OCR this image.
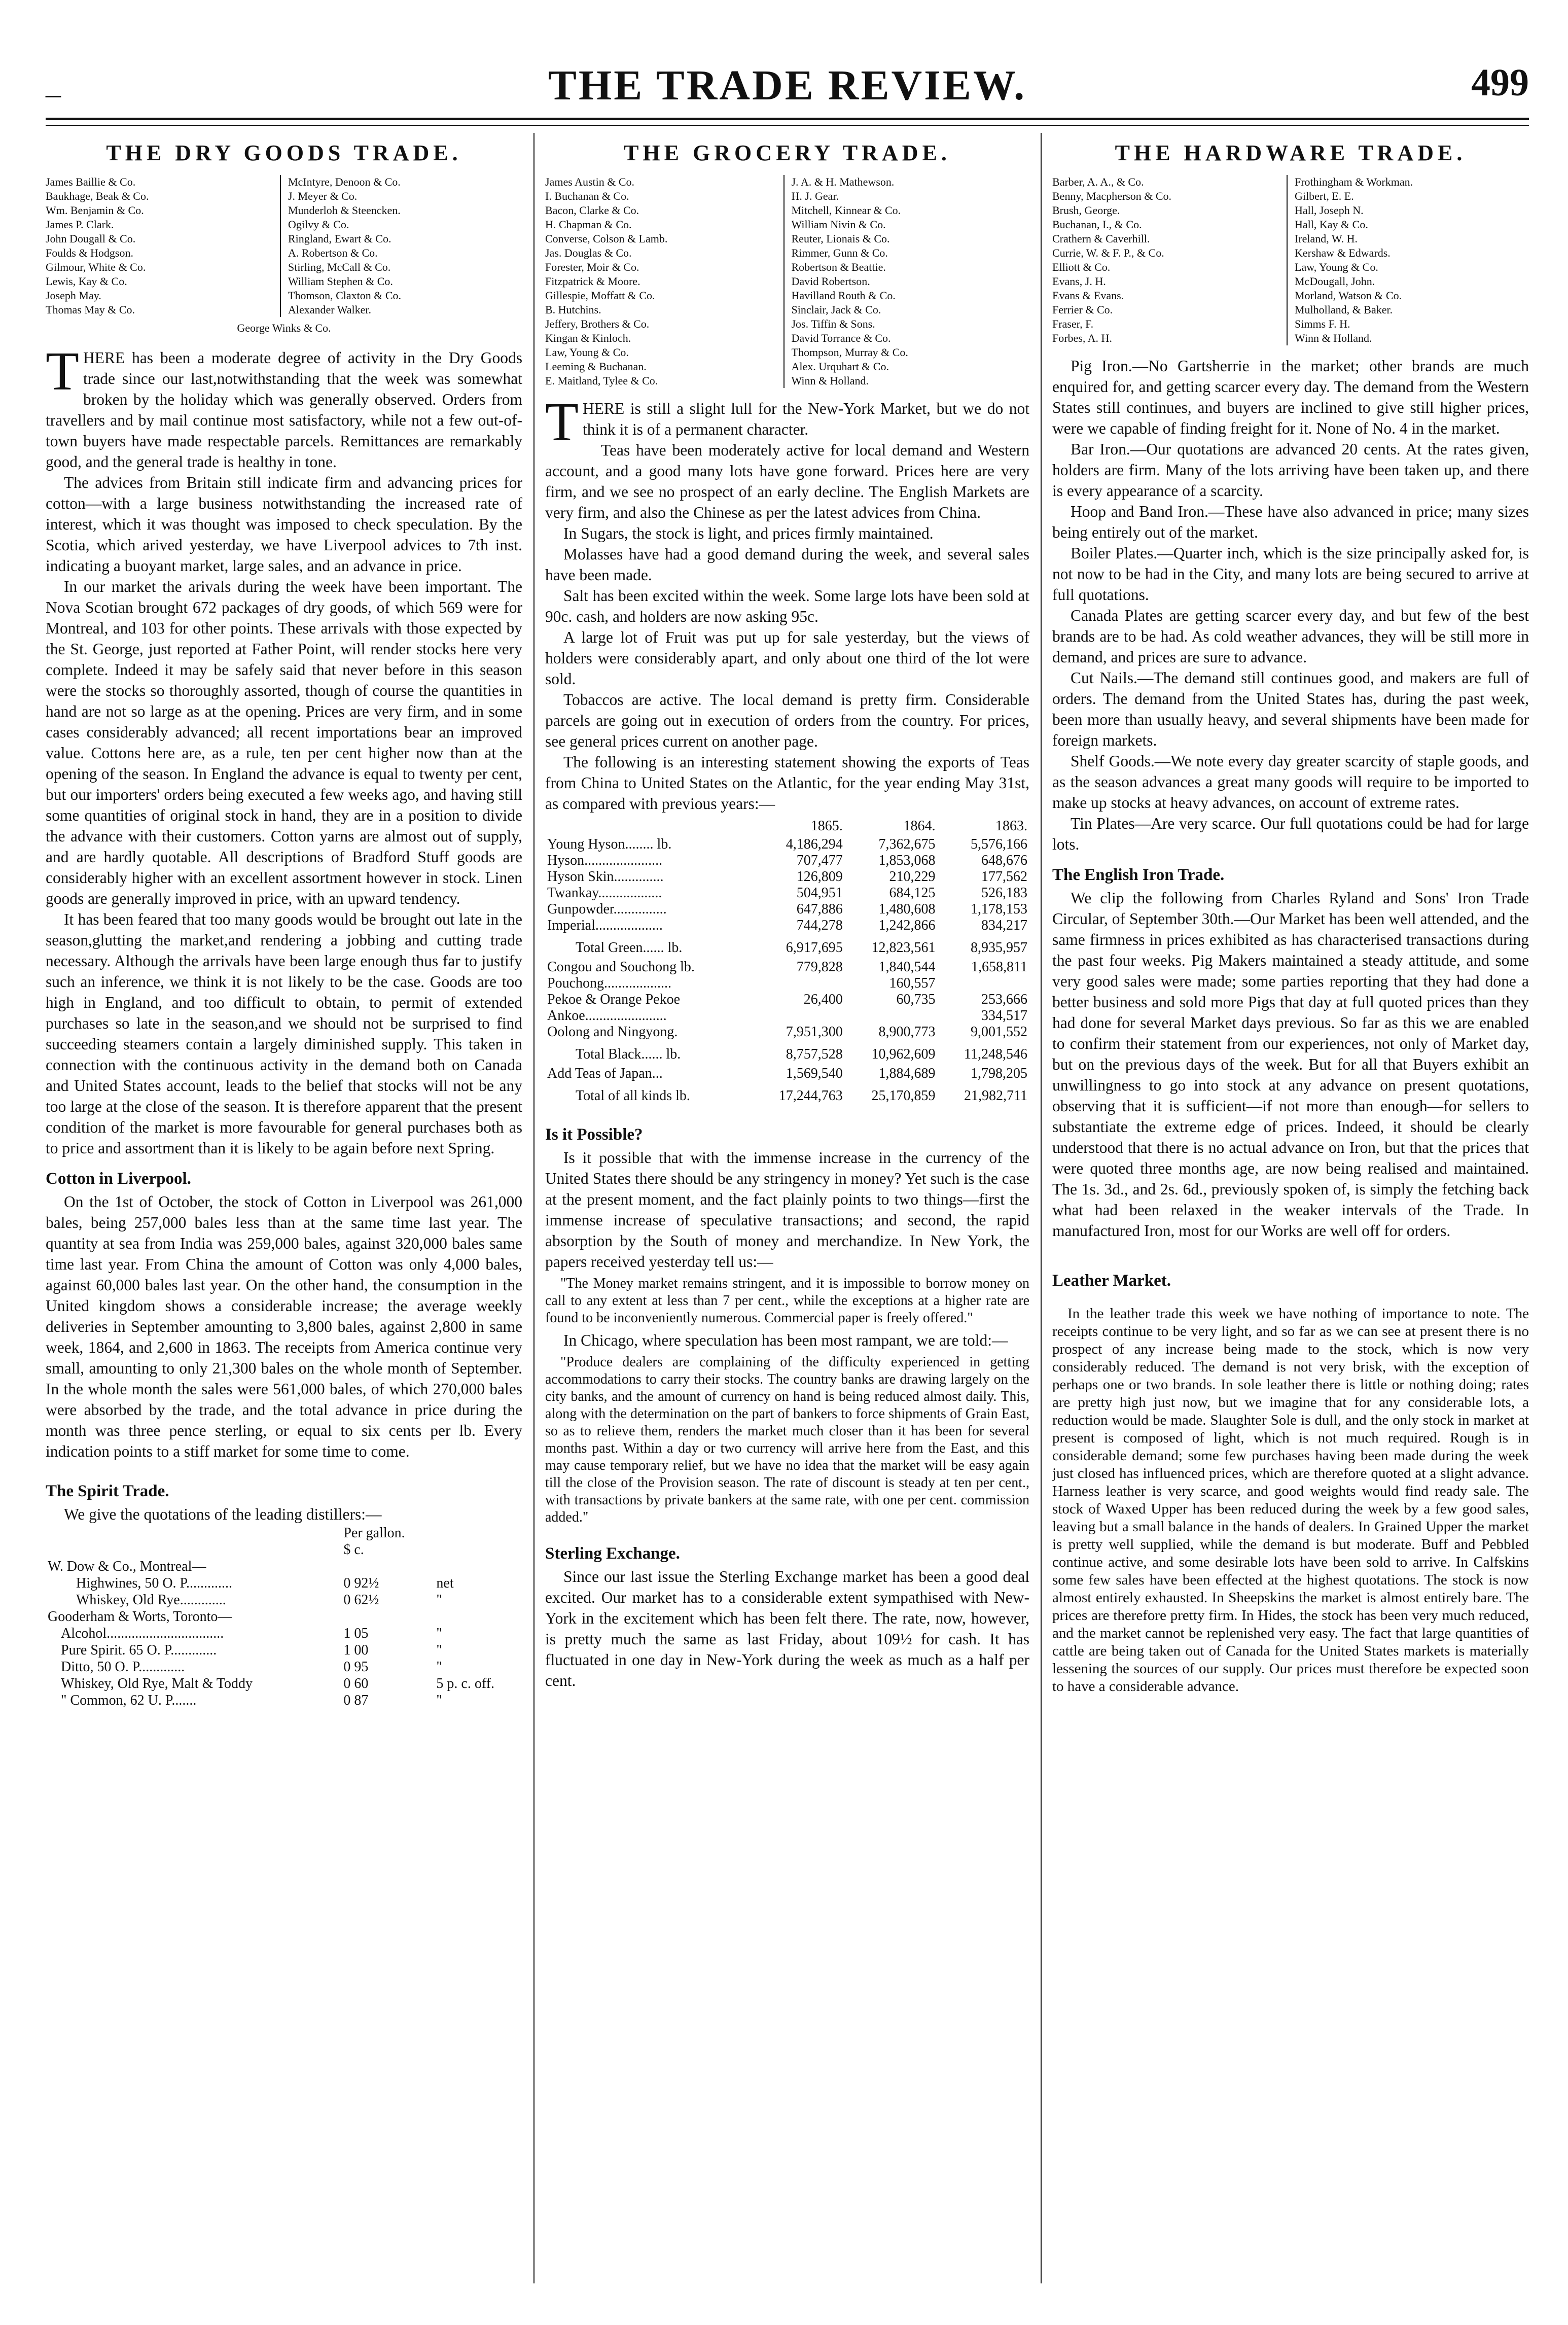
_	THE TRADE REVIEW.	499
THE DRY GOODS TRADE.
James Baillie & Co.
Baukhage, Beak & Co.
Wm. Benjamin & Co.
James P. Clark.
John Dougall & Co.
Foulds & Hodgson.
Gilmour, White & Co.
Lewis, Kay & Co.
Joseph May.
Thomas May & Co.
McIntyre, Denoon & Co.
J. Meyer & Co.
Munderloh & Steencken.
Ogilvy & Co.
Ringland, Ewart & Co.
A. Robertson & Co.
Stirling, McCall & Co.
William Stephen & Co.
Thomson, Claxton & Co.
Alexander Walker.
George Winks & Co.

THERE has been a moderate degree of activity in the Dry Goods trade since our last,notwithstanding that the week was somewhat broken by the holiday which was generally observed. Orders from travellers and by mail continue most satisfactory, while not a few out-of-town buyers have made respectable parcels. Remittances are remarkably good, and the general trade is healthy in tone.

The advices from Britain still indicate firm and advancing prices for cotton—with a large business notwithstanding the increased rate of interest, which it was thought was imposed to check speculation. By the Scotia, which arived yesterday, we have Liverpool advices to 7th inst. indicating a buoyant market, large sales, and an advance in price.

In our market the arivals during the week have been important. The Nova Scotian brought 672 packages of dry goods, of which 569 were for Montreal, and 103 for other points. These arrivals with those expected by the St. George, just reported at Father Point, will render stocks here very complete. Indeed it may be safely said that never before in this season were the stocks so thoroughly assorted, though of course the quantities in hand are not so large as at the opening. Prices are very firm, and in some cases considerably advanced; all recent importations bear an improved value. Cottons here are, as a rule, ten per cent higher now than at the opening of the season. In England the advance is equal to twenty per cent, but our importers' orders being executed a few weeks ago, and having still some quantities of original stock in hand, they are in a position to divide the advance with their customers. Cotton yarns are almost out of supply, and are hardly quotable. All descriptions of Bradford Stuff goods are considerably higher with an excellent assortment however in stock. Linen goods are generally improved in price, with an upward tendency.

It has been feared that too many goods would be brought out late in the season,glutting the market,and rendering a jobbing and cutting trade necessary. Although the arrivals have been large enough thus far to justify such an inference, we think it is not likely to be the case. Goods are too high in England, and too difficult to obtain, to permit of extended purchases so late in the season,and we should not be surprised to find succeeding steamers contain a largely diminished supply. This taken in connection with the continuous activity in the demand both on Canada and United States account, leads to the belief that stocks will not be any too large at the close of the season. It is therefore apparent that the present condition of the market is more favourable for general purchases both as to price and assortment than it is likely to be again before next Spring.

Cotton in Liverpool.

On the 1st of October, the stock of Cotton in Liverpool was 261,000 bales, being 257,000 bales less than at the same time last year. The quantity at sea from India was 259,000 bales, against 320,000 bales same time last year. From China the amount of Cotton was only 4,000 bales, against 60,000 bales last year. On the other hand, the consumption in the United kingdom shows a considerable increase; the average weekly deliveries in September amounting to 3,800 bales, against 2,800 in same week, 1864, and 2,600 in 1863. The receipts from America continue very small, amounting to only 21,300 bales on the whole month of September. In the whole month the sales were 561,000 bales, of which 270,000 bales were absorbed by the trade, and the total advance in price during the month was three pence sterling, or equal to six cents per lb. Every indication points to a stiff market for some time to come.

The Spirit Trade.

We give the quotations of the leading distillers:—

	Per gallon.	
	$ c.	
W. Dow & Co., Montreal—		
Highwines, 50 O. P.............	0 92½	net
Whiskey, Old Rye.............	0 62½	"
Gooderham & Worts, Toronto—		
Alcohol.................................	1 05	"
Pure Spirit. 65 O. P.............	1 00	"
Ditto, 50 O. P.............	0 95	"
Whiskey, Old Rye, Malt & Toddy	0 60	5 p. c. off.
" Common, 62 U. P.......	0 87	"
THE GROCERY TRADE.
James Austin & Co.
I. Buchanan & Co.
Bacon, Clarke & Co.
H. Chapman & Co.
Converse, Colson & Lamb.
Jas. Douglas & Co.
Forester, Moir & Co.
Fitzpatrick & Moore.
Gillespie, Moffatt & Co.
B. Hutchins.
Jeffery, Brothers & Co.
Kingan & Kinloch.
Law, Young & Co.
Leeming & Buchanan.
E. Maitland, Tylee & Co.
J. A. & H. Mathewson.
H. J. Gear.
Mitchell, Kinnear & Co.
William Nivin & Co.
Reuter, Lionais & Co.
Rimmer, Gunn & Co.
Robertson & Beattie.
David Robertson.
Havilland Routh & Co.
Sinclair, Jack & Co.
Jos. Tiffin & Sons.
David Torrance & Co.
Thompson, Murray & Co.
Alex. Urquhart & Co.
Winn & Holland.

THERE is still a slight lull for the New-York Market, but we do not think it is of a permanent character.

Teas have been moderately active for local demand and Western account, and a good many lots have gone forward. Prices here are very firm, and we see no prospect of an early decline. The English Markets are very firm, and also the Chinese as per the latest advices from China.

In Sugars, the stock is light, and prices firmly maintained.

Molasses have had a good demand during the week, and several sales have been made.

Salt has been excited within the week. Some large lots have been sold at 90c. cash, and holders are now asking 95c.

A large lot of Fruit was put up for sale yesterday, but the views of holders were considerably apart, and only about one third of the lot were sold.

Tobaccos are active. The local demand is pretty firm. Considerable parcels are going out in execution of orders from the country. For prices, see general prices current on another page.

The following is an interesting statement showing the exports of Teas from China to United States on the Atlantic, for the year ending May 31st, as compared with previous years:—

	1865.	1864.	1863.
Young Hyson........ lb.	4,186,294	7,362,675	5,576,166
Hyson......................	707,477	1,853,068	648,676
Hyson Skin..............	126,809	210,229	177,562
Twankay..................	504,951	684,125	526,183
Gunpowder...............	647,886	1,480,608	1,178,153
Imperial...................	744,278	1,242,866	834,217
Total Green...... lb.	6,917,695	12,823,561	8,935,957
Congou and Souchong lb.	779,828	1,840,544	1,658,811
Pouchong...................		160,557	
Pekoe & Orange Pekoe	26,400	60,735	253,666
Ankoe.......................			334,517
Oolong and Ningyong.	7,951,300	8,900,773	9,001,552
Total Black...... lb.	8,757,528	10,962,609	11,248,546
Add Teas of Japan...	1,569,540	1,884,689	1,798,205
Total of all kinds lb.	17,244,763	25,170,859	21,982,711
Is it Possible?

Is it possible that with the immense increase in the currency of the United States there should be any stringency in money? Yet such is the case at the present moment, and the fact plainly points to two things—first the immense increase of speculative transactions; and second, the rapid absorption by the South of money and merchandize. In New York, the papers received yesterday tell us:—

"The Money market remains stringent, and it is impossible to borrow money on call to any extent at less than 7 per cent., while the exceptions at a higher rate are found to be inconveniently numerous. Commercial paper is freely offered."

In Chicago, where speculation has been most rampant, we are told:—

"Produce dealers are complaining of the difficulty experienced in getting accommodations to carry their stocks. The country banks are drawing largely on the city banks, and the amount of currency on hand is being reduced almost daily. This, along with the determination on the part of bankers to force shipments of Grain East, so as to relieve them, renders the market much closer than it has been for several months past. Within a day or two currency will arrive here from the East, and this may cause temporary relief, but we have no idea that the market will be easy again till the close of the Provision season. The rate of discount is steady at ten per cent., with transactions by private bankers at the same rate, with one per cent. commission added."

Sterling Exchange.

Since our last issue the Sterling Exchange market has been a good deal excited. Our market has to a considerable extent sympathised with New-York in the excitement which has been felt there. The rate, now, however, is pretty much the same as last Friday, about 109½ for cash. It has fluctuated in one day in New-York during the week as much as a half per cent.

THE HARDWARE TRADE.
Barber, A. A., & Co.
Benny, Macpherson & Co.
Brush, George.
Buchanan, I., & Co.
Crathern & Caverhill.
Currie, W. & F. P., & Co.
Elliott & Co.
Evans, J. H.
Evans & Evans.
Ferrier & Co.
Fraser, F.
Forbes, A. H.
Frothingham & Workman.
Gilbert, E. E.
Hall, Joseph N.
Hall, Kay & Co.
Ireland, W. H.
Kershaw & Edwards.
Law, Young & Co.
McDougall, John.
Morland, Watson & Co.
Mulholland, & Baker.
Simms F. H.
Winn & Holland.

Pig Iron.—No Gartsherrie in the market; other brands are much enquired for, and getting scarcer every day. The demand from the Western States still continues, and buyers are inclined to give still higher prices, were we capable of finding freight for it. None of No. 4 in the market.

Bar Iron.—Our quotations are advanced 20 cents. At the rates given, holders are firm. Many of the lots arriving have been taken up, and there is every appearance of a scarcity.

Hoop and Band Iron.—These have also advanced in price; many sizes being entirely out of the market.

Boiler Plates.—Quarter inch, which is the size principally asked for, is not now to be had in the City, and many lots are being secured to arrive at full quotations.

Canada Plates are getting scarcer every day, and but few of the best brands are to be had. As cold weather advances, they will be still more in demand, and prices are sure to advance.

Cut Nails.—The demand still continues good, and makers are full of orders. The demand from the United States has, during the past week, been more than usually heavy, and several shipments have been made for foreign markets.

Shelf Goods.—We note every day greater scarcity of staple goods, and as the season advances a great many goods will require to be imported to make up stocks at heavy advances, on account of extreme rates.

Tin Plates—Are very scarce. Our full quotations could be had for large lots.

The English Iron Trade.

We clip the following from Charles Ryland and Sons' Iron Trade Circular, of September 30th.—Our Market has been well attended, and the same firmness in prices exhibited as has characterised transactions during the past four weeks. Pig Makers maintained a steady attitude, and some very good sales were made; some parties reporting that they had done a better business and sold more Pigs that day at full quoted prices than they had done for several Market days previous. So far as this we are enabled to confirm their statement from our experiences, not only of Market day, but on the previous days of the week. But for all that Buyers exhibit an unwillingness to go into stock at any advance on present quotations, observing that it is sufficient—if not more than enough—for sellers to substantiate the extreme edge of prices. Indeed, it should be clearly understood that there is no actual advance on Iron, but that the prices that were quoted three months age, are now being realised and maintained. The 1s. 3d., and 2s. 6d., previously spoken of, is simply the fetching back what had been relaxed in the weaker intervals of the Trade. In manufactured Iron, most for our Works are well off for orders.

Leather Market.

In the leather trade this week we have nothing of importance to note. The receipts continue to be very light, and so far as we can see at present there is no prospect of any increase being made to the stock, which is now very considerably reduced. The demand is not very brisk, with the exception of perhaps one or two brands. In sole leather there is little or nothing doing; rates are pretty high just now, but we imagine that for any considerable lots, a reduction would be made. Slaughter Sole is dull, and the only stock in market at present is composed of light, which is not much required. Rough is in considerable demand; some few purchases having been made during the week just closed has influenced prices, which are therefore quoted at a slight advance. Harness leather is very scarce, and good weights would find ready sale. The stock of Waxed Upper has been reduced during the week by a few good sales, leaving but a small balance in the hands of dealers. In Grained Upper the market is pretty well supplied, while the demand is but moderate. Buff and Pebbled continue active, and some desirable lots have been sold to arrive. In Calfskins some few sales have been effected at the highest quotations. The stock is now almost entirely exhausted. In Sheepskins the market is almost entirely bare. The prices are therefore pretty firm. In Hides, the stock has been very much reduced, and the market cannot be replenished very easy. The fact that large quantities of cattle are being taken out of Canada for the United States markets is materially lessening the sources of our supply. Our prices must therefore be expected soon to have a considerable advance.
